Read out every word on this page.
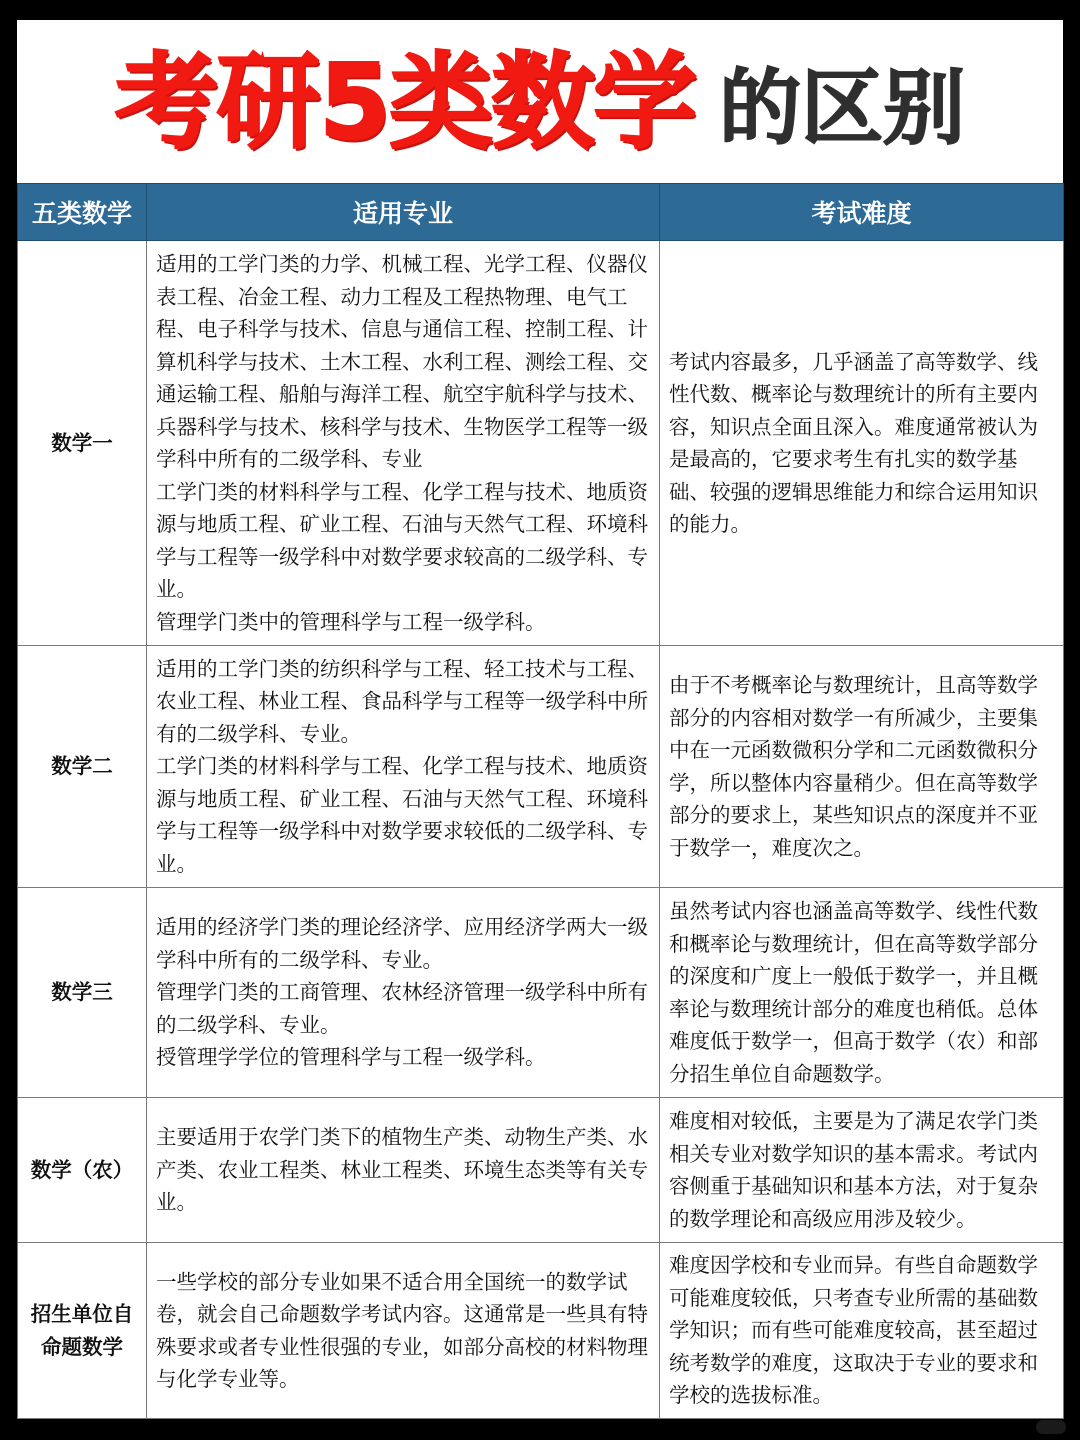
考研5类数学 的区别
五类数学	适用专业	考试难度
数学一	适用的工学门类的力学、机械工程、光学工程、仪器仪表工程、冶金工程、动力工程及工程热物理、电气工程、电子科学与技术、信息与通信工程、控制工程、计算机科学与技术、土木工程、水利工程、测绘工程、交通运输工程、船舶与海洋工程、航空宇航科学与技术、兵器科学与技术、核科学与技术、生物医学工程等一级学科中所有的二级学科、专业
工学门类的材料科学与工程、化学工程与技术、地质资源与地质工程、矿业工程、石油与天然气工程、环境科学与工程等一级学科中对数学要求较高的二级学科、专业。
管理学门类中的管理科学与工程一级学科。	考试内容最多，几乎涵盖了高等数学、线性代数、概率论与数理统计的所有主要内容，知识点全面且深入。难度通常被认为是最高的，它要求考生有扎实的数学基础、较强的逻辑思维能力和综合运用知识的能力。
数学二	适用的工学门类的纺织科学与工程、轻工技术与工程、农业工程、林业工程、食品科学与工程等一级学科中所有的二级学科、专业。
工学门类的材料科学与工程、化学工程与技术、地质资源与地质工程、矿业工程、石油与天然气工程、环境科学与工程等一级学科中对数学要求较低的二级学科、专业。	由于不考概率论与数理统计，且高等数学部分的内容相对数学一有所减少，主要集中在一元函数微积分学和二元函数微积分学，所以整体内容量稍少。但在高等数学部分的要求上，某些知识点的深度并不亚于数学一，难度次之。
数学三	适用的经济学门类的理论经济学、应用经济学两大一级学科中所有的二级学科、专业。
管理学门类的工商管理、农林经济管理一级学科中所有的二级学科、专业。
授管理学学位的管理科学与工程一级学科。	虽然考试内容也涵盖高等数学、线性代数和概率论与数理统计，但在高等数学部分的深度和广度上一般低于数学一，并且概率论与数理统计部分的难度也稍低。总体难度低于数学一，但高于数学（农）和部分招生单位自命题数学。
数学（农）	主要适用于农学门类下的植物生产类、动物生产类、水产类、农业工程类、林业工程类、环境生态类等有关专业。	难度相对较低，主要是为了满足农学门类相关专业对数学知识的基本需求。考试内容侧重于基础知识和基本方法，对于复杂的数学理论和高级应用涉及较少。
招生单位自命题数学	一些学校的部分专业如果不适合用全国统一的数学试卷，就会自己命题数学考试内容。这通常是一些具有特殊要求或者专业性很强的专业，如部分高校的材料物理与化学专业等。	难度因学校和专业而异。有些自命题数学可能难度较低，只考查专业所需的基础数学知识；而有些可能难度较高，甚至超过统考数学的难度，这取决于专业的要求和学校的选拔标准。
